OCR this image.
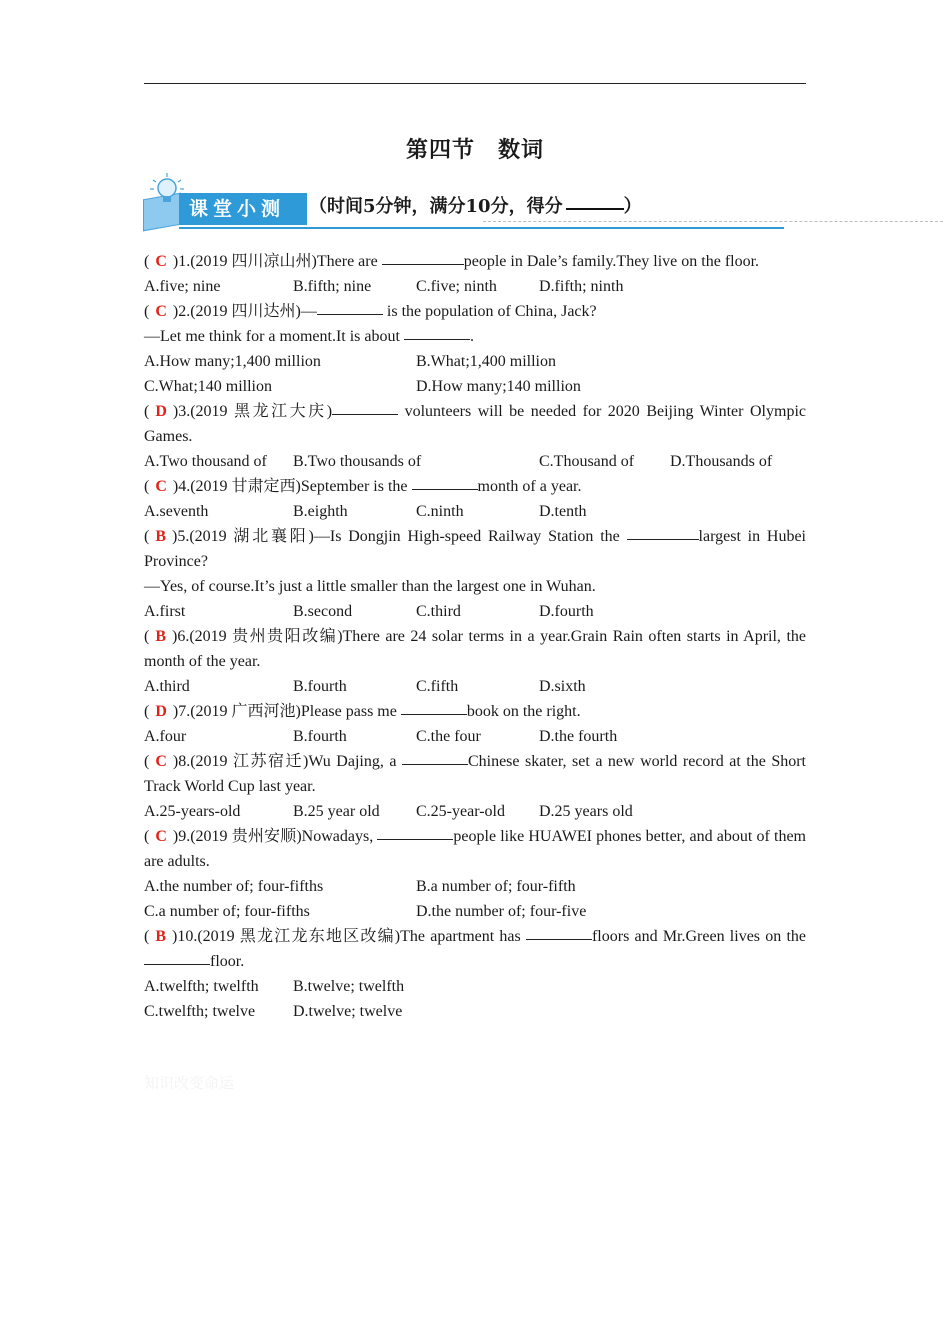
第四节　数词
课堂小测	（时间5分钟，满分10分，得分	）
( C )1.(2019 四川凉山州)There are	people in Dale’s family.They live on the floor.
A.five; nine	B.fifth; nine	C.five; ninth	D.fifth; ninth
( C )2.(2019 四川达州)—	is the population of China, Jack?
—Let me think for a moment.It is about	.
A.How many;1,400 million	B.What;1,400 million
C.What;140 million	D.How many;140 million
( D )3.(2019 黑龙江大庆)	volunteers will be needed for 2020 Beijing Winter Olympic Games.
A.Two thousand of	B.Two thousands of	C.Thousand of	D.Thousands of
( C )4.(2019 甘肃定西)September is the	month of a year.
A.seventh	B.eighth	C.ninth	D.tenth
( B )5.(2019 湖北襄阳)—Is Dongjin High-speed Railway Station the	largest in Hubei Province?
—Yes, of course.It’s just a little smaller than the largest one in Wuhan.
A.first	B.second	C.third	D.fourth
( B )6.(2019 贵州贵阳改编)There are 24 solar terms in a year.Grain Rain often starts in April, the month of the year.
A.third	B.fourth	C.fifth	D.sixth
( D )7.(2019 广西河池)Please pass me	book on the right.
A.four	B.fourth	C.the four	D.the fourth
( C )8.(2019 江苏宿迁)Wu Dajing, a	Chinese skater, set a new world record at the Short Track World Cup last year.
A.25-years-old	B.25 year old	C.25-year-old	D.25 years old
( C )9.(2019 贵州安顺)Nowadays,	people like HUAWEI phones better, and about of them are adults.
A.the number of; four-fifths	B.a number of; four-fifth
C.a number of; four-fifths	D.the number of; four-five
( B )10.(2019 黑龙江龙东地区改编)The apartment has	floors and Mr.Green lives on the floor.
A.twelfth; twelfth	B.twelve; twelfth
C.twelfth; twelve	D.twelve; twelve
知识改变命运
